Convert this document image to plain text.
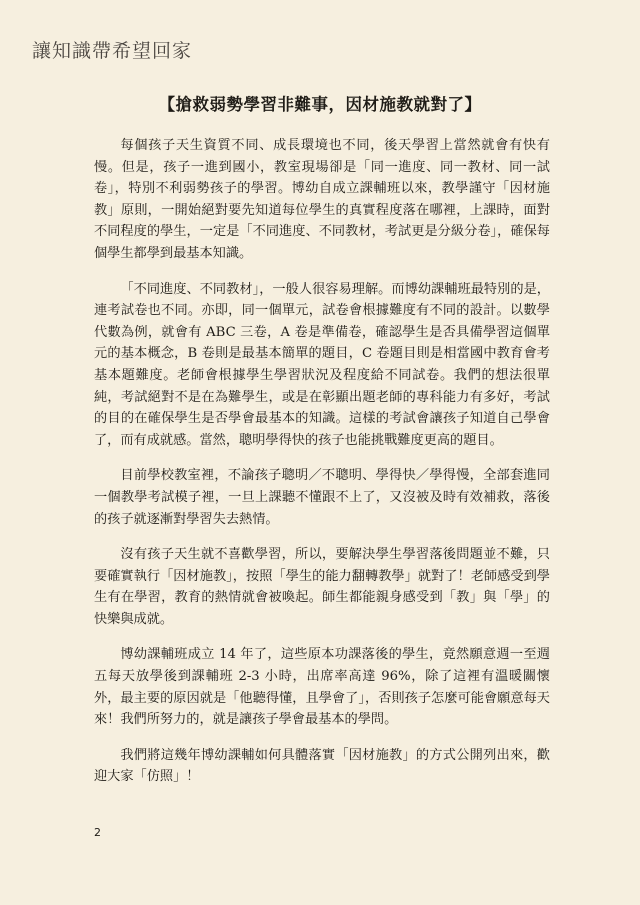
讓知識帶希望回家
【搶救弱勢學習非難事，因材施教就對了】

每個孩子天生資質不同、成長環境也不同，後天學習上當然就會有快有慢。但是，孩子一進到國小，教室現場卻是「同一進度、同一教材、同一試卷」，特別不利弱勢孩子的學習。博幼自成立課輔班以來，教學謹守「因材施教」原則，一開始絕對要先知道每位學生的真實程度落在哪裡，上課時，面對不同程度的學生，一定是「不同進度、不同教材，考試更是分級分卷」，確保每個學生都學到最基本知識。

「不同進度、不同教材」，一般人很容易理解。而博幼課輔班最特別的是，連考試卷也不同。亦即，同一個單元，試卷會根據難度有不同的設計。以數學代數為例，就會有 ABC 三卷，A 卷是準備卷，確認學生是否具備學習這個單元的基本概念，B 卷則是最基本簡單的題目，C 卷題目則是相當國中教育會考基本題難度。老師會根據學生學習狀況及程度給不同試卷。我們的想法很單純，考試絕對不是在為難學生，或是在彰顯出題老師的專科能力有多好，考試的目的在確保學生是否學會最基本的知識。這樣的考試會讓孩子知道自己學會了，而有成就感。當然，聰明學得快的孩子也能挑戰難度更高的題目。

目前學校教室裡，不論孩子聰明／不聰明、學得快／學得慢，全部套進同一個教學考試模子裡，一旦上課聽不懂跟不上了，又沒被及時有效補救，落後的孩子就逐漸對學習失去熱情。

沒有孩子天生就不喜歡學習，所以，要解決學生學習落後問題並不難，只要確實執行「因材施教」，按照「學生的能力翻轉教學」就對了！老師感受到學生有在學習，教育的熱情就會被喚起。師生都能親身感受到「教」與「學」的快樂與成就。

博幼課輔班成立 14 年了，這些原本功課落後的學生，竟然願意週一至週五每天放學後到課輔班 2-3 小時，出席率高達 96%，除了這裡有溫暖關懷外，最主要的原因就是「他聽得懂，且學會了」，否則孩子怎麼可能會願意每天來！我們所努力的，就是讓孩子學會最基本的學問。

我們將這幾年博幼課輔如何具體落實「因材施教」的方式公開列出來，歡迎大家「仿照」！

2
